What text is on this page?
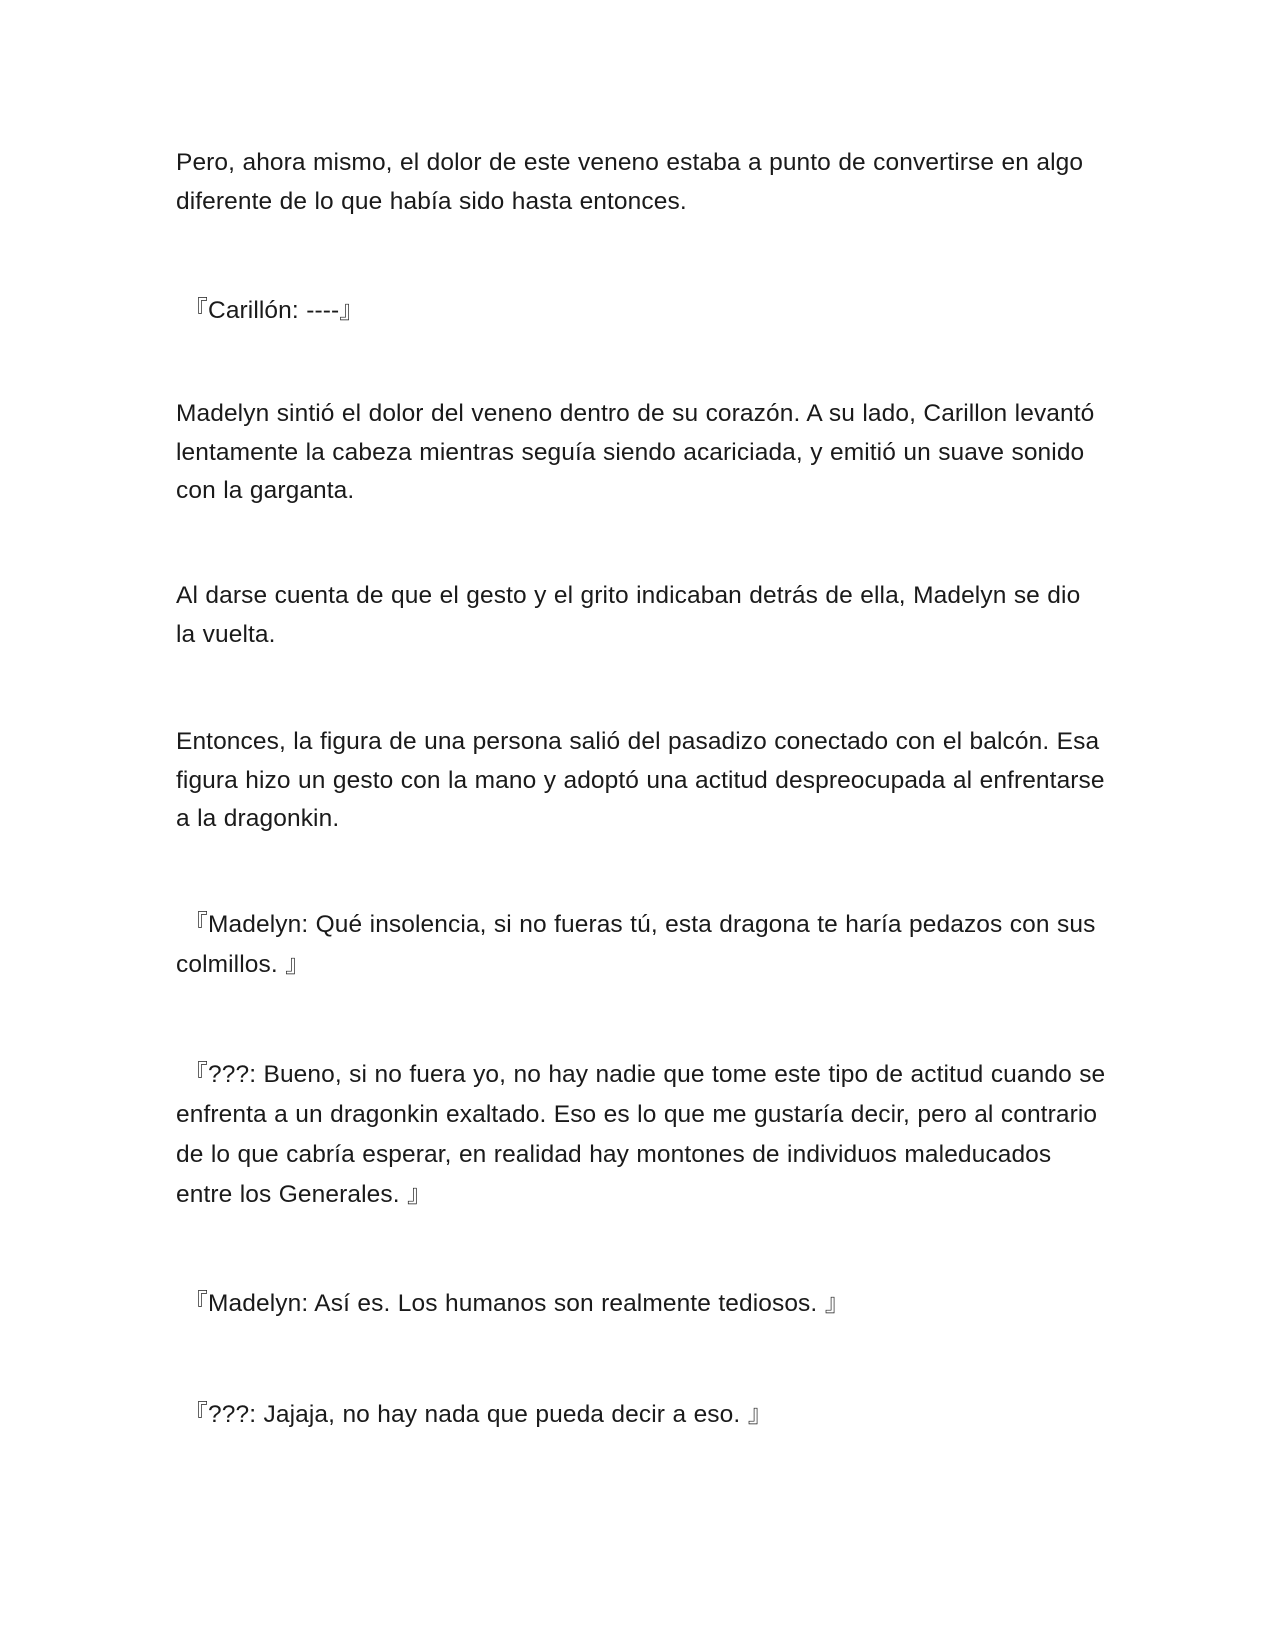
Pero, ahora mismo, el dolor de este veneno estaba a punto de convertirse en algo diferente de lo que había sido hasta entonces.

『Carillón: ----』

Madelyn sintió el dolor del veneno dentro de su corazón. A su lado, Carillon levantó lentamente la cabeza mientras seguía siendo acariciada, y emitió un suave sonido con la garganta.

Al darse cuenta de que el gesto y el grito indicaban detrás de ella, Madelyn se dio la vuelta.

Entonces, la figura de una persona salió del pasadizo conectado con el balcón. Esa figura hizo un gesto con la mano y adoptó una actitud despreocupada al enfrentarse a la dragonkin.

『Madelyn: Qué insolencia, si no fueras tú, esta dragona te haría pedazos con sus colmillos. 』

『???: Bueno, si no fuera yo, no hay nadie que tome este tipo de actitud cuando se enfrenta a un dragonkin exaltado. Eso es lo que me gustaría decir, pero al contrario de lo que cabría esperar, en realidad hay montones de individuos maleducados entre los Generales. 』

『Madelyn: Así es. Los humanos son realmente tediosos. 』

『???: Jajaja, no hay nada que pueda decir a eso. 』
